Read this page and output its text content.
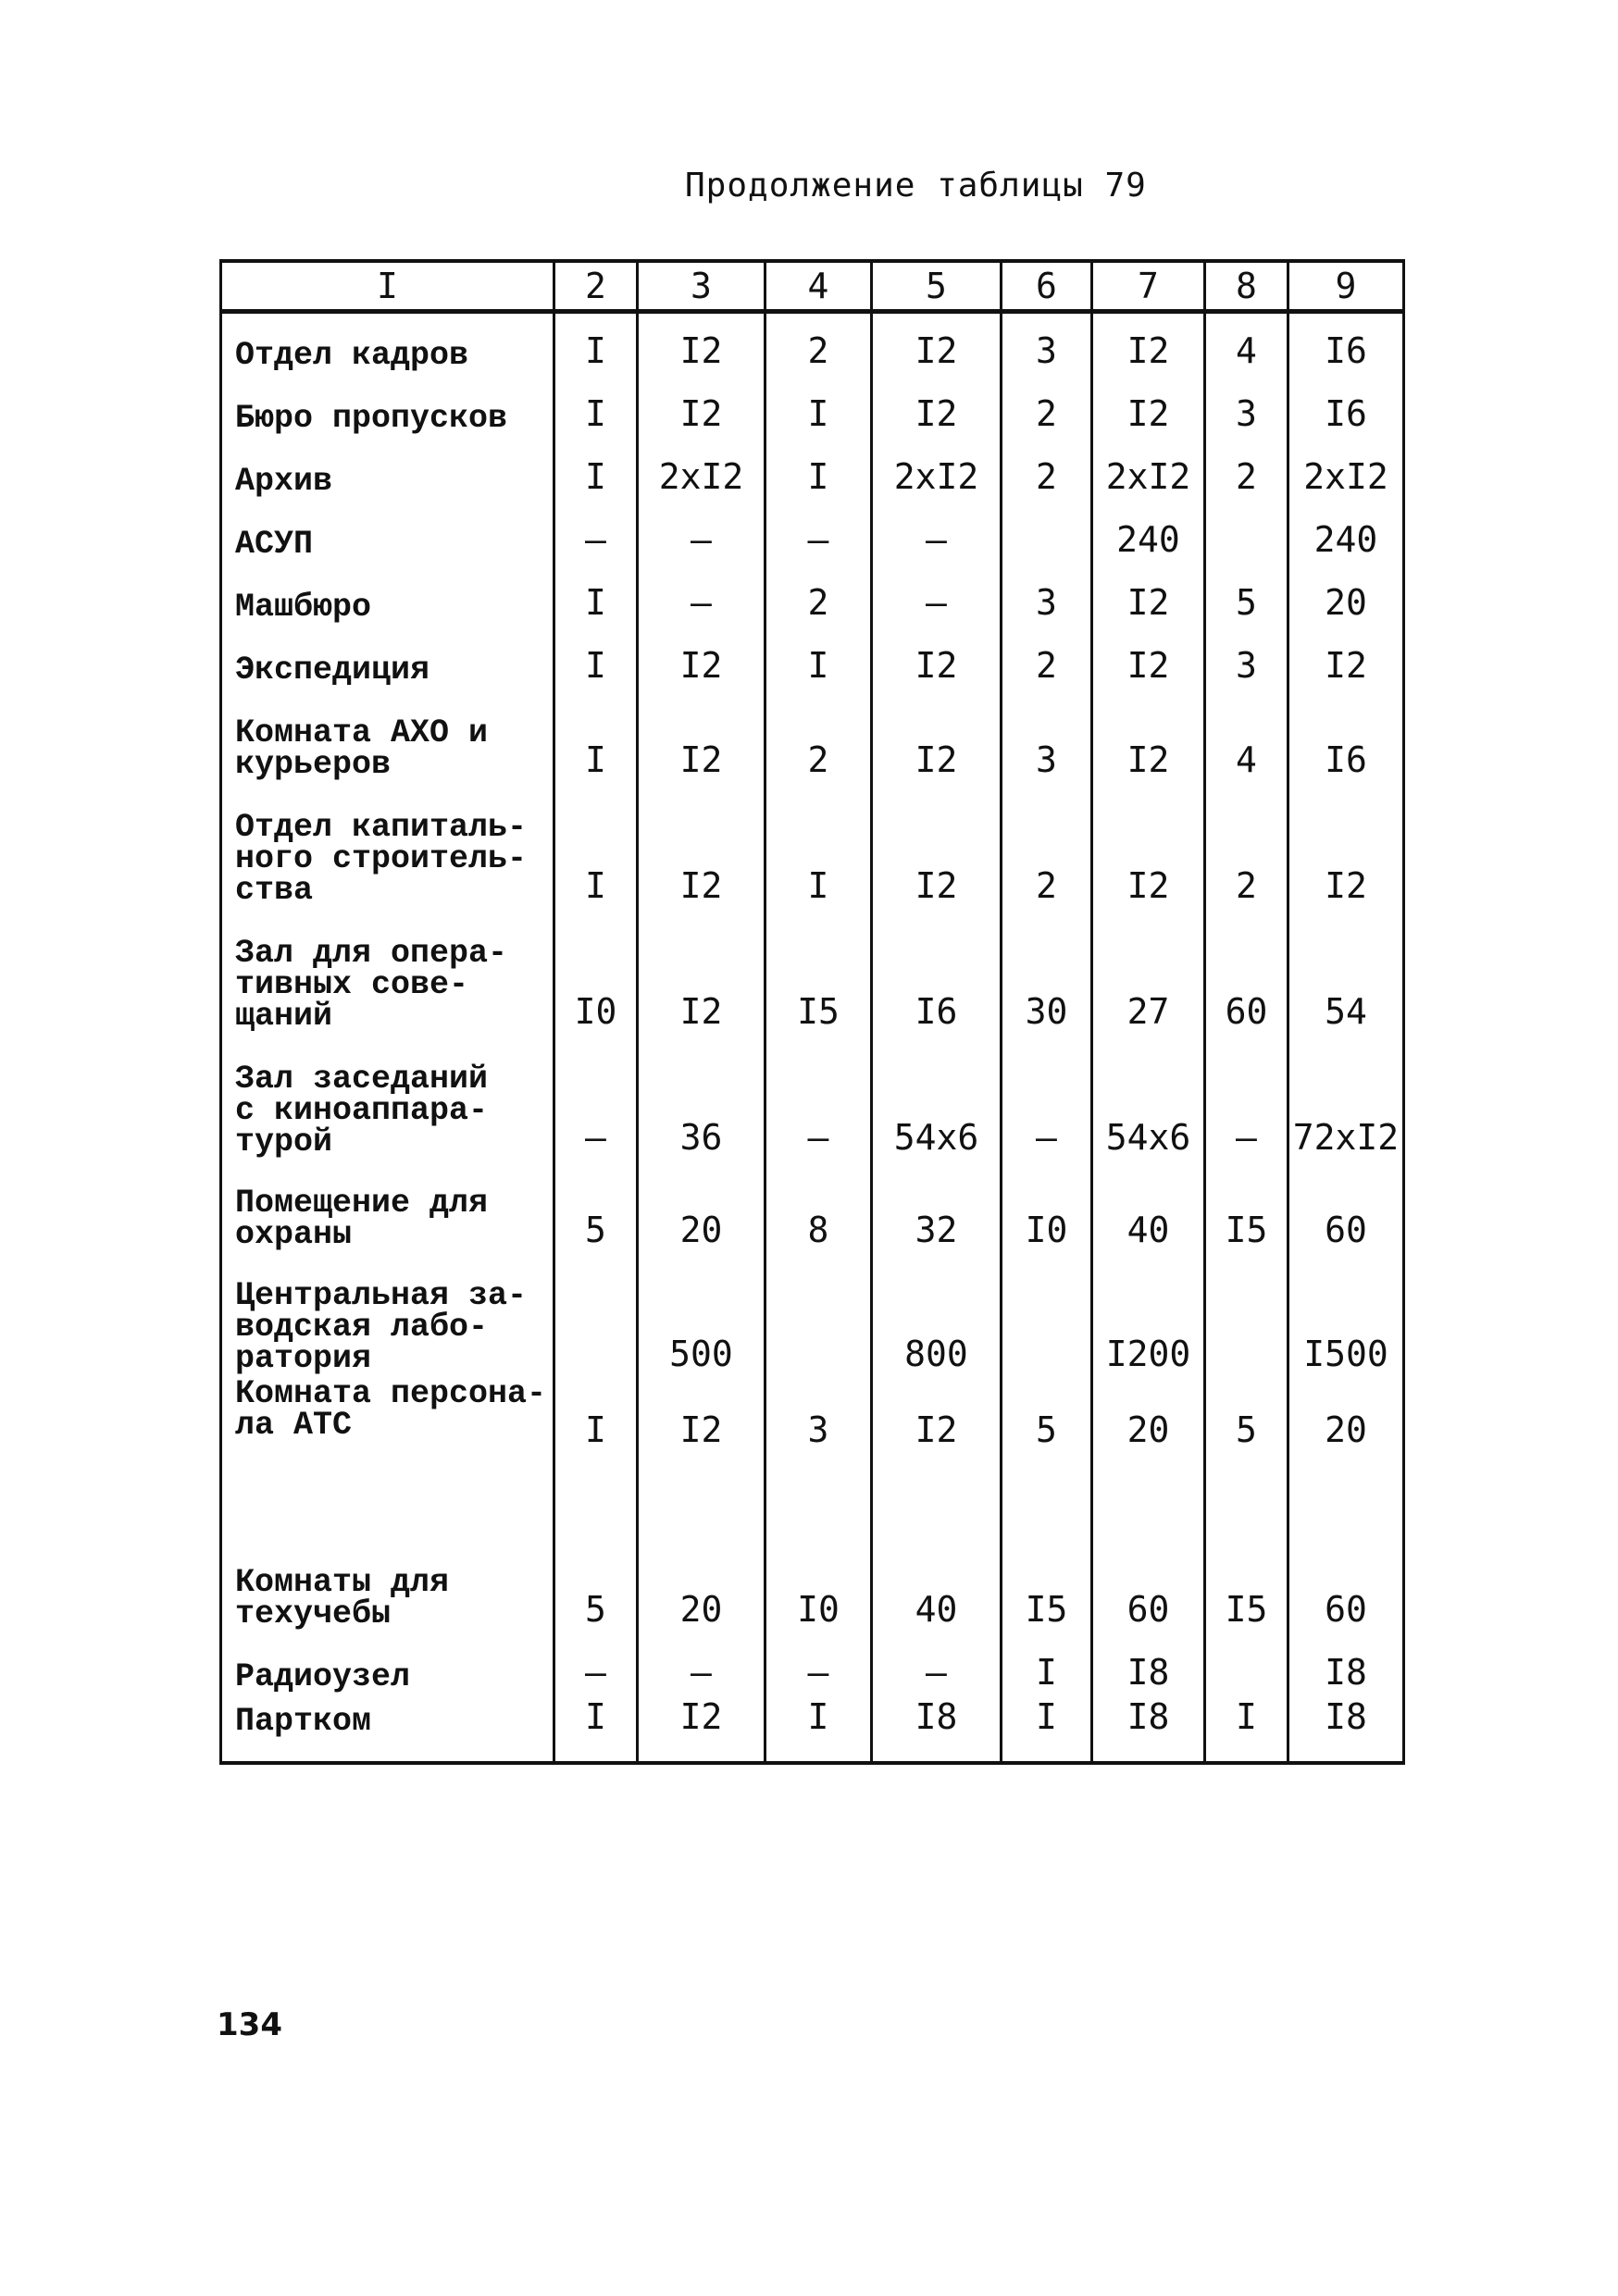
Продолжение таблицы 79
I	2	3	4	5	6	7	8	9
Отдел кадров	I	I2	2	I2	3	I2	4	I6
Бюро пропусков	I	I2	I	I2	2	I2	3	I6
Архив	I	2xI2	I	2xI2	2	2xI2	2	2xI2
АСУП	–	–	–	–		240		240
Машбюро	I	–	2	–	3	I2	5	20
Экспедиция	I	I2	I	I2	2	I2	3	I2
Комната АХО и
курьеров	I	I2	2	I2	3	I2	4	I6
Отдел капиталь-
ного строитель-
ства	I	I2	I	I2	2	I2	2	I2
Зал для опера-
тивных сове-
щаний	I0	I2	I5	I6	30	27	60	54
Зал заседаний
с киноаппара-
турой	–	36	–	54x6	–	54x6	–	72xI2
Помещение для
охраны	5	20	8	32	I0	40	I5	60
Центральная за-
водская лабо-
ратория		500		800		I200		I500
Комната персона-
ла АТС	I	I2	3	I2	5	20	5	20
Комнаты для
техучебы	5	20	I0	40	I5	60	I5	60
Радиоузел	–	–	–	–	I	I8		I8
Партком	I	I2	I	I8	I	I8	I	I8
134
